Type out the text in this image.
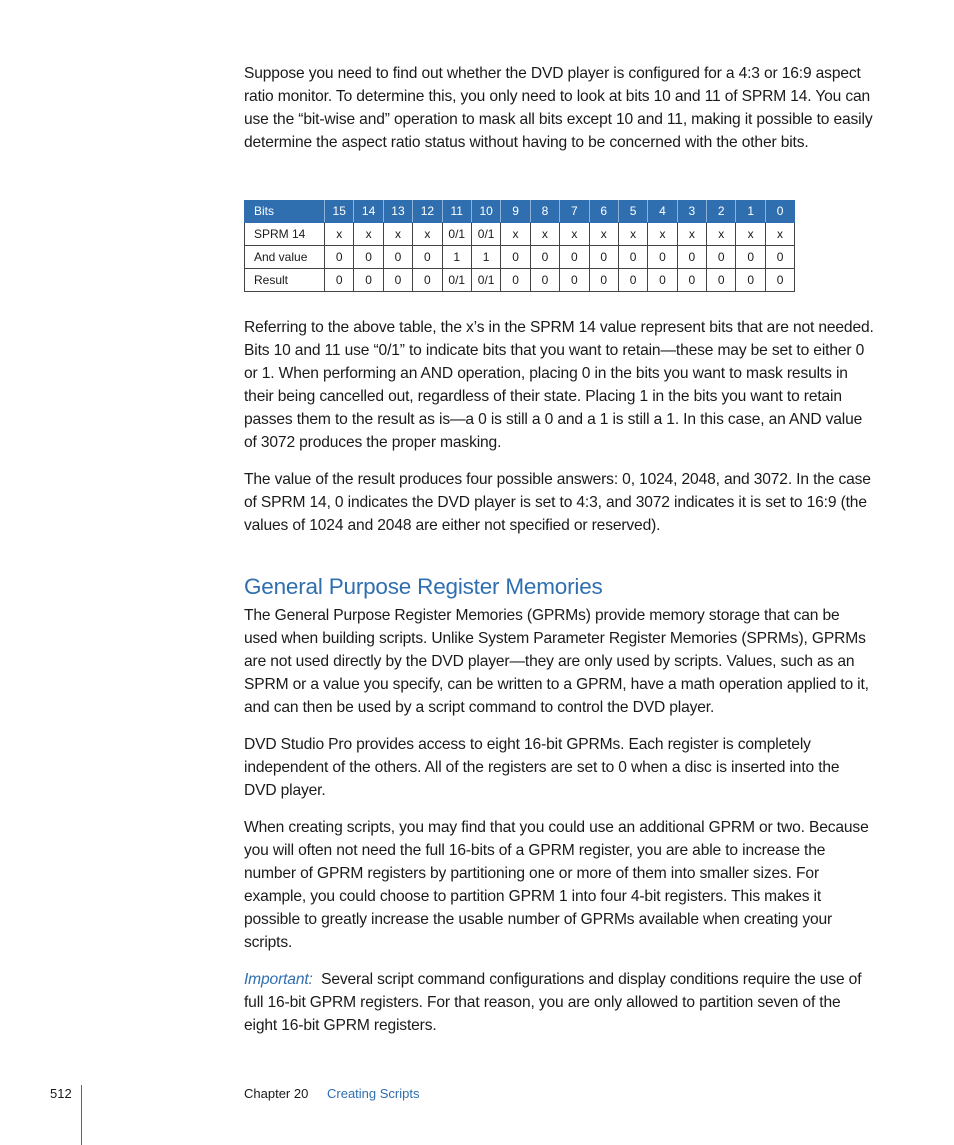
Suppose you need to find out whether the DVD player is configured for a 4:3 or 16:9 aspect ratio monitor. To determine this, you only need to look at bits 10 and 11 of SPRM 14. You can use the “bit-wise and” operation to mask all bits except 10 and 11, making it possible to easily determine the aspect ratio status without having to be concerned with the other bits.

Bits	15	14	13	12	11	10	9	8	7	6	5	4	3	2	1	0
SPRM 14	x	x	x	x	0/1	0/1	x	x	x	x	x	x	x	x	x	x
And value	0	0	0	0	1	1	0	0	0	0	0	0	0	0	0	0
Result	0	0	0	0	0/1	0/1	0	0	0	0	0	0	0	0	0	0

Referring to the above table, the x’s in the SPRM 14 value represent bits that are not needed. Bits 10 and 11 use “0/1” to indicate bits that you want to retain—these may be set to either 0 or 1. When performing an AND operation, placing 0 in the bits you want to mask results in their being cancelled out, regardless of their state. Placing 1 in the bits you want to retain passes them to the result as is—a 0 is still a 0 and a 1 is still a 1. In this case, an AND value of 3072 produces the proper masking.

The value of the result produces four possible answers: 0, 1024, 2048, and 3072. In the case of SPRM 14, 0 indicates the DVD player is set to 4:3, and 3072 indicates it is set to 16:9 (the values of 1024 and 2048 are either not specified or reserved).

General Purpose Register Memories

The General Purpose Register Memories (GPRMs) provide memory storage that can be used when building scripts. Unlike System Parameter Register Memories (SPRMs), GPRMs are not used directly by the DVD player—they are only used by scripts. Values, such as an SPRM or a value you specify, can be written to a GPRM, have a math operation applied to it, and can then be used by a script command to control the DVD player.

DVD Studio Pro provides access to eight 16-bit GPRMs. Each register is completely independent of the others. All of the registers are set to 0 when a disc is inserted into the DVD player.

When creating scripts, you may find that you could use an additional GPRM or two. Because you will often not need the full 16-bits of a GPRM register, you are able to increase the number of GPRM registers by partitioning one or more of them into smaller sizes. For example, you could choose to partition GPRM 1 into four 4-bit registers. This makes it possible to greatly increase the usable number of GPRMs available when creating your scripts.

Important: Several script command configurations and display conditions require the use of full 16-bit GPRM registers. For that reason, you are only allowed to partition seven of the eight 16-bit GPRM registers.

512	Chapter 20 Creating Scripts
